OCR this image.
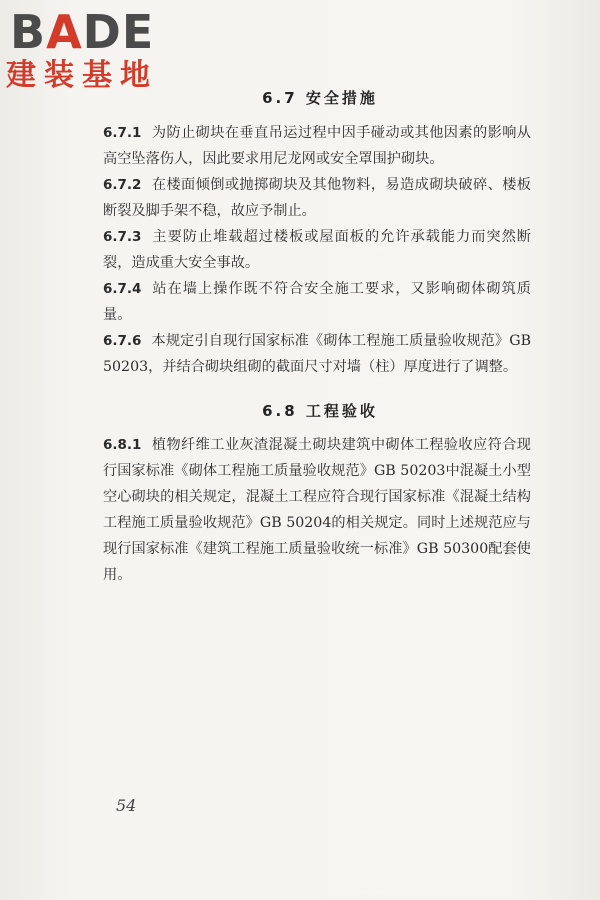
BADE
建装基地
6.7 安全措施
6.7.1 为防止砌块在垂直吊运过程中因手碰动或其他因素的影响从高空坠落伤人，因此要求用尼龙网或安全罩围护砌块。
6.7.2 在楼面倾倒或抛掷砌块及其他物料，易造成砌块破碎、楼板断裂及脚手架不稳，故应予制止。
6.7.3 主要防止堆载超过楼板或屋面板的允许承载能力而突然断裂，造成重大安全事故。
6.7.4 站在墙上操作既不符合安全施工要求，又影响砌体砌筑质量。
6.7.6 本规定引自现行国家标准《砌体工程施工质量验收规范》GB 50203，并结合砌块组砌的截面尺寸对墙（柱）厚度进行了调整。
6.8 工程验收
6.8.1 植物纤维工业灰渣混凝土砌块建筑中砌体工程验收应符合现行国家标准《砌体工程施工质量验收规范》GB 50203中混凝土小型空心砌块的相关规定，混凝土工程应符合现行国家标准《混凝土结构工程施工质量验收规范》GB 50204的相关规定。同时上述规范应与现行国家标准《建筑工程施工质量验收统一标准》GB 50300配套使用。
54
